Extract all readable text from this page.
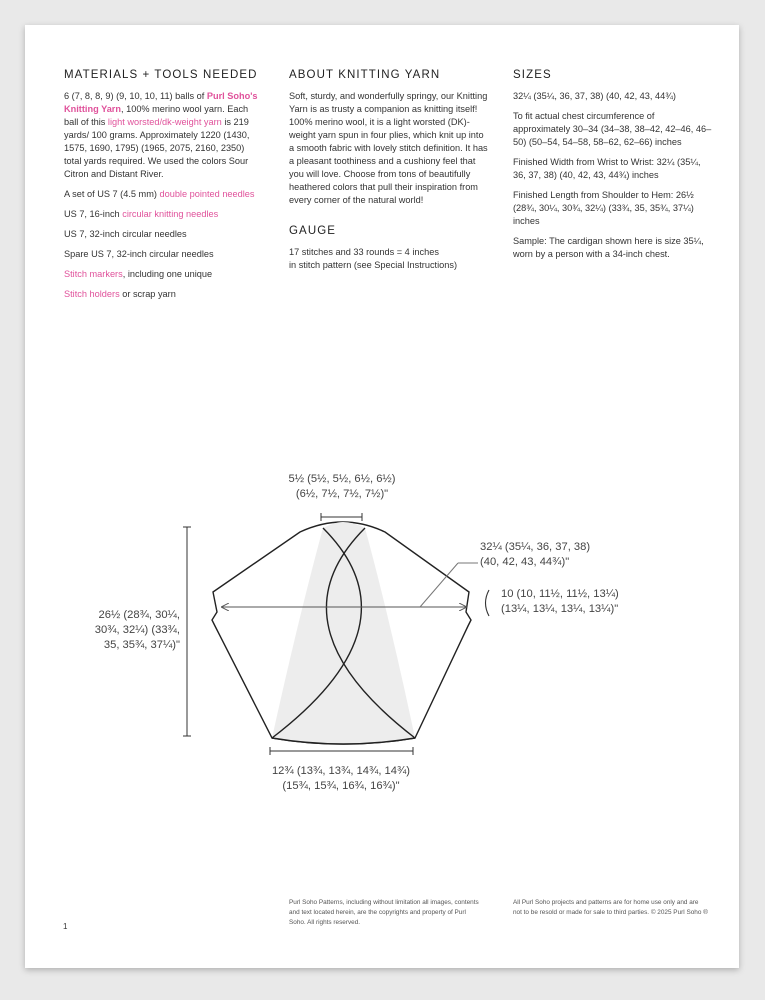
MATERIALS + TOOLS NEEDED

6 (7, 8, 8, 9) (9, 10, 10, 11) balls of Purl Soho's Knitting Yarn, 100% merino wool yarn. Each ball of this light worsted/dk-weight yarn is 219 yards/ 100 grams. Approximately 1220 (1430, 1575, 1690, 1795) (1965, 2075, 2160, 2350) total yards required. We used the colors Sour Citron and Distant River.

A set of US 7 (4.5 mm) double pointed needles

US 7, 16-inch circular knitting needles

US 7, 32-inch circular needles

Spare US 7, 32-inch circular needles

Stitch markers, including one unique

Stitch holders or scrap yarn

ABOUT KNITTING YARN

Soft, sturdy, and wonderfully springy, our Knitting Yarn is as trusty a companion as knitting itself! 100% merino wool, it is a light worsted (DK)-weight yarn spun in four plies, which knit up into a smooth fabric with lovely stitch definition. It has a pleasant toothiness and a cushiony feel that you will love. Choose from tons of beautifully heathered colors that pull their inspiration from every corner of the natural world!

GAUGE

17 stitches and 33 rounds = 4 inches
in stitch pattern (see Special Instructions)

SIZES

32¼ (35¼, 36, 37, 38) (40, 42, 43, 44¾)

To fit actual chest circumference of approximately 30–34 (34–38, 38–42, 42–46, 46–50) (50–54, 54–58, 58–62, 62–66) inches

Finished Width from Wrist to Wrist: 32¼ (35¼, 36, 37, 38) (40, 42, 43, 44¾) inches

Finished Length from Shoulder to Hem: 26½ (28¾, 30¼, 30¾, 32¼) (33¾, 35, 35¾, 37¼) inches

Sample: The cardigan shown here is size 35¼, worn by a person with a 34-inch chest.

1
Purl Soho Patterns, including without limitation all images, contents and text located herein, are the copyrights and property of Purl Soho. All rights reserved.
All Purl Soho projects and patterns are for home use only and are not to be resold or made for sale to third parties. © 2025 Purl Soho ®
5½ (5½, 5½, 6½, 6½)
(6½, 7½, 7½, 7½)"
32¼ (35¼, 36, 37, 38)
(40, 42, 43, 44¾)"
10 (10, 11½, 11½, 13¼)
(13¼, 13¼, 13¼, 13¼)"
26½ (28¾, 30¼,
30¾, 32¼) (33¾,
35, 35¾, 37¼)"
12¾ (13¾, 13¾, 14¾, 14¾)
(15¾, 15¾, 16¾, 16¾)"
